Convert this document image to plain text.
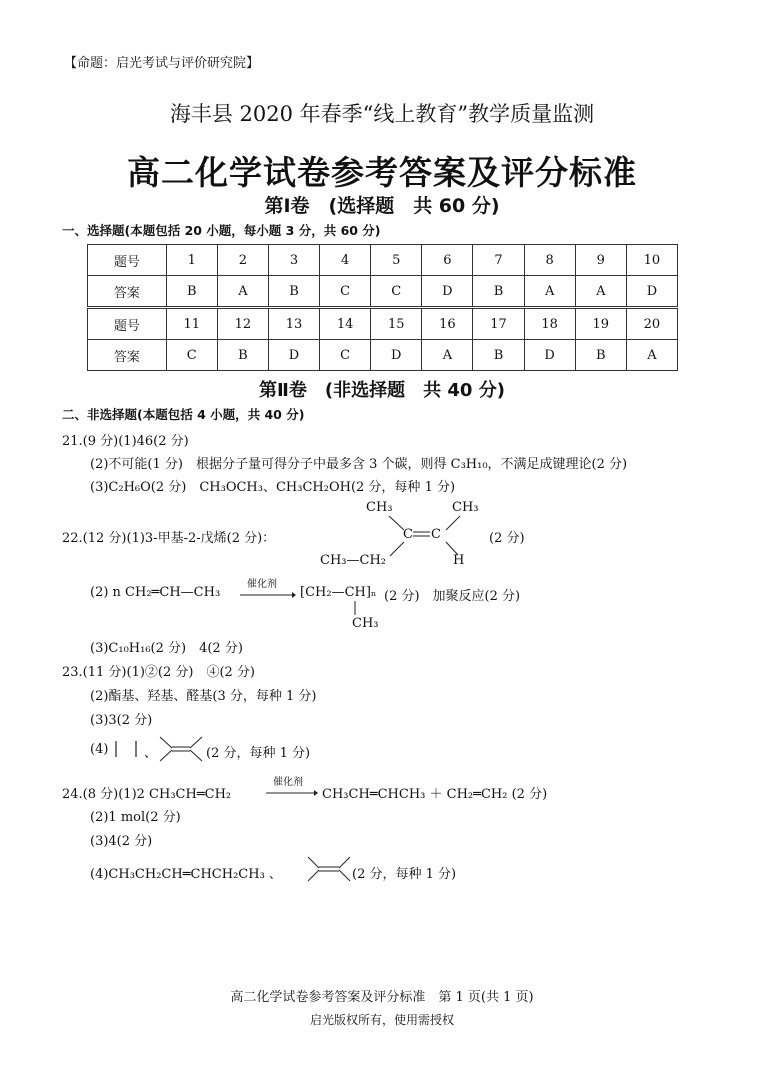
【命题：启光考试与评价研究院】
海丰县 2020 年春季“线上教育”教学质量监测
高二化学试卷参考答案及评分标准
第Ⅰ卷　(选择题　共 60 分)
一、选择题(本题包括 20 小题，每小题 3 分，共 60 分)
题号	1	2	3	4	5	6	7	8	9	10
答案	B	A	B	C	C	D	B	A	A	D
题号	11	12	13	14	15	16	17	18	19	20
答案	C	B	D	C	D	A	B	D	B	A
第Ⅱ卷　(非选择题　共 40 分)
二、非选择题(本题包括 4 小题，共 40 分)
21.(9 分)(1)46(2 分)
(2)不可能(1 分)　根据分子量可得分子中最多含 3 个碳，则得 C₃H₁₀，不满足成键理论(2 分)
(3)C₂H₆O(2 分)　CH₃OCH₃、CH₃CH₂OH(2 分，每种 1 分)
22.(12 分)(1)3-甲基-2-戊烯(2 分)：
CH₃	CH₃
C C
CH₃—CH₂	H
(2 分)
(2) n CH₂═CH—CH₃
催化剂
→ [CH₂—CH]ₙ (2 分)　加聚反应(2 分)
CH₃
(3)C₁₀H₁₆(2 分)　4(2 分)
23.(11 分)(1)②(2 分)　④(2 分)
(2)酯基、羟基、醛基(3 分，每种 1 分)
(3)3(2 分)
(4)	、	(2 分，每种 1 分)
24.(8 分)(1)2 CH₃CH═CH₂
催化剂
→ CH₃CH═CHCH₃ ＋ CH₂═CH₂ (2 分)
(2)1 mol(2 分)
(3)4(2 分)
(4)CH₃CH₂CH═CHCH₂CH₃ 、	(2 分，每种 1 分)
高二化学试卷参考答案及评分标准　第 1 页(共 1 页)
启光版权所有，使用需授权
